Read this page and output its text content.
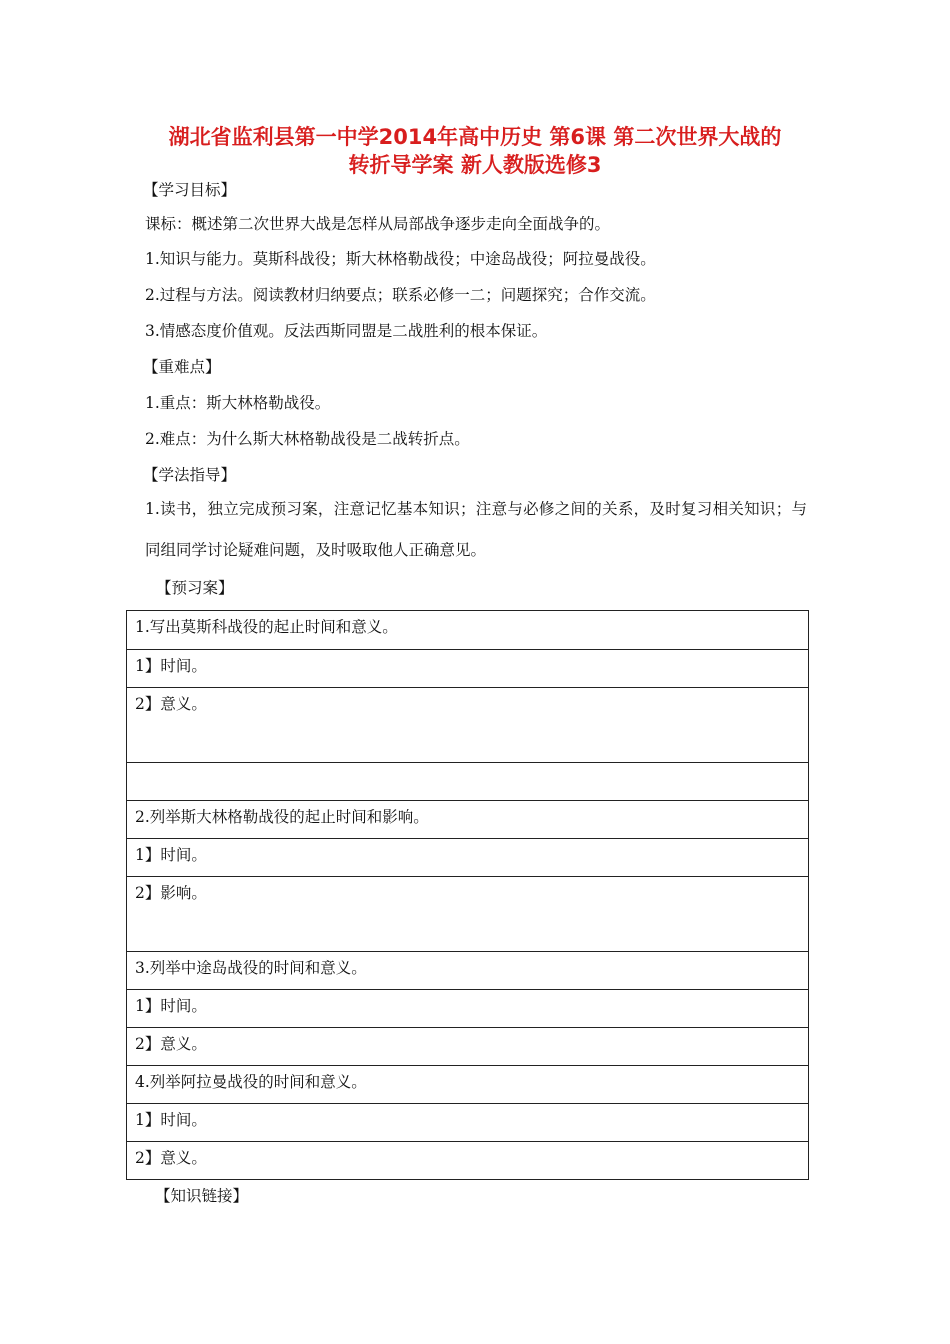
湖北省监利县第一中学2014年高中历史 第6课 第二次世界大战的
转折导学案 新人教版选修3
【学习目标】
课标：概述第二次世界大战是怎样从局部战争逐步走向全面战争的。
1.知识与能力。莫斯科战役；斯大林格勒战役；中途岛战役；阿拉曼战役。
2.过程与方法。阅读教材归纳要点；联系必修一二；问题探究；合作交流。
3.情感态度价值观。反法西斯同盟是二战胜利的根本保证。
【重难点】
1.重点：斯大林格勒战役。
2.难点：为什么斯大林格勒战役是二战转折点。
【学法指导】
1.读书，独立完成预习案，注意记忆基本知识；注意与必修之间的关系，及时复习相关知识；与同组同学讨论疑难问题，及时吸取他人正确意见。
【预习案】
1.写出莫斯科战役的起止时间和意义。
1】时间。
2】意义。

2.列举斯大林格勒战役的起止时间和影响。
1】时间。
2】影响。
3.列举中途岛战役的时间和意义。
1】时间。
2】意义。
4.列举阿拉曼战役的时间和意义。
1】时间。
2】意义。
【知识链接】
